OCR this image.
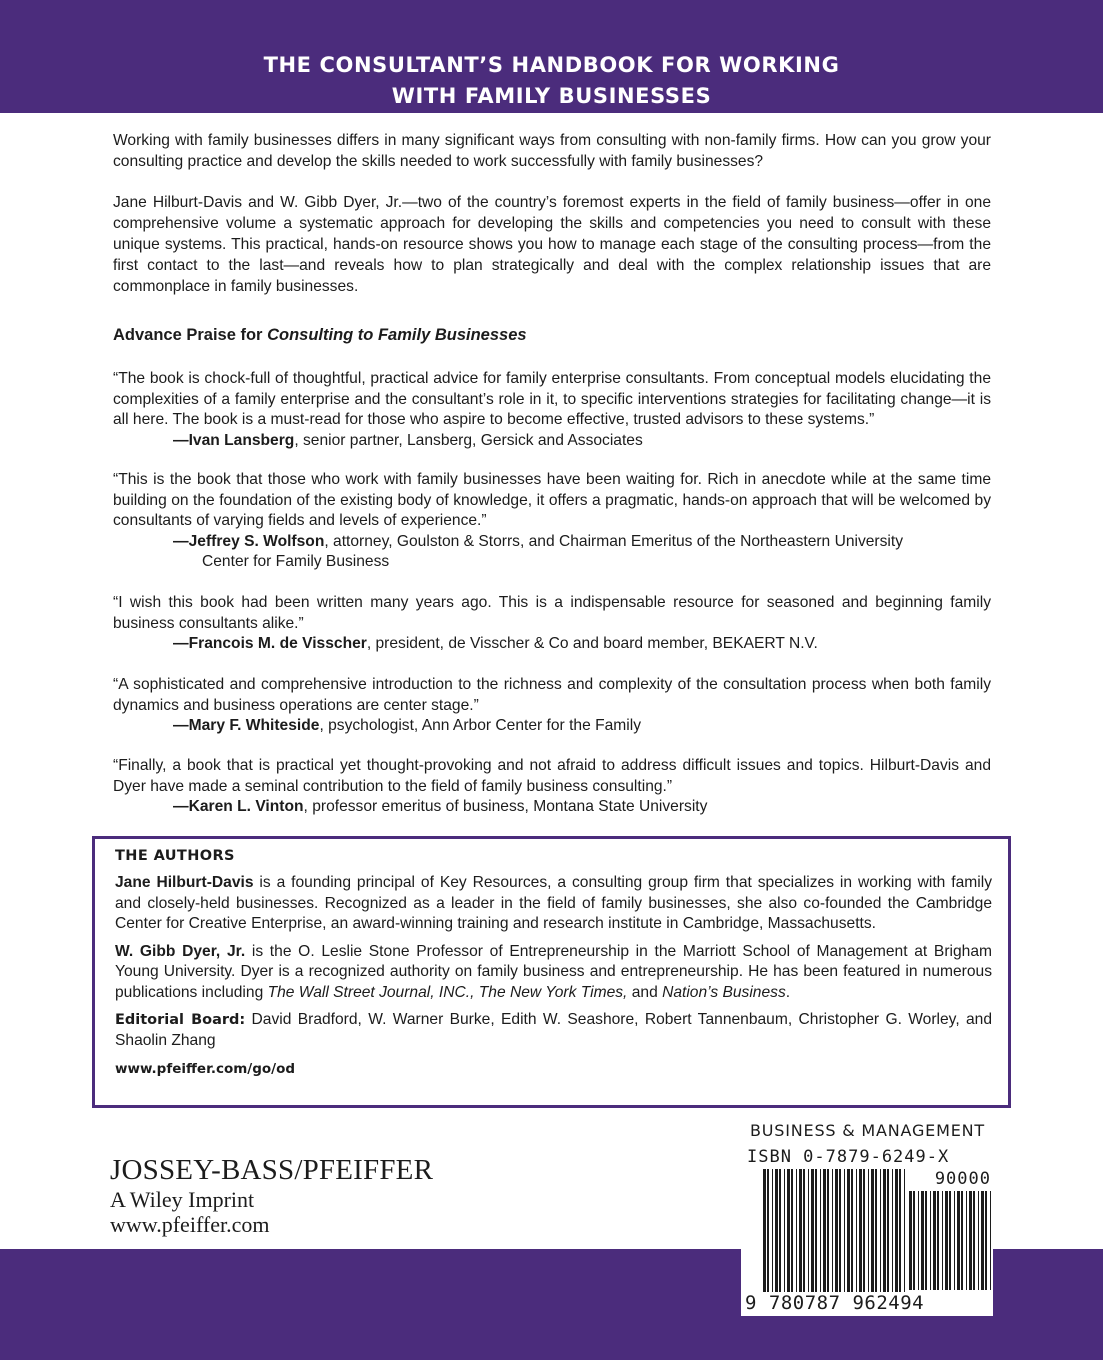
THE CONSULTANT’S HANDBOOK FOR WORKING
WITH FAMILY BUSINESSES

Working with family businesses differs in many significant ways from consulting with non-family firms. How can you grow your consulting practice and develop the skills needed to work successfully with family businesses?

Jane Hilburt-Davis and W. Gibb Dyer, Jr.—two of the country’s foremost experts in the field of family business—offer in one comprehensive volume a systematic approach for developing the skills and competencies you need to consult with these unique systems. This practical, hands-on resource shows you how to manage each stage of the consulting process—from the first contact to the last—and reveals how to plan strategically and deal with the complex relationship issues that are commonplace in family businesses.

Advance Praise for Consulting to Family Businesses
“The book is chock-full of thoughtful, practical advice for family enterprise consultants. From conceptual models elucidating the complexities of a family enterprise and the consultant’s role in it, to specific interventions strategies for facilitating change—it is all here. The book is a must-read for those who aspire to become effective, trusted advisors to these systems.”
—Ivan Lansberg, senior partner, Lansberg, Gersick and Associates
“This is the book that those who work with family businesses have been waiting for. Rich in anecdote while at the same time building on the foundation of the existing body of knowledge, it offers a pragmatic, hands-on approach that will be welcomed by consultants of varying fields and levels of experience.”
—Jeffrey S. Wolfson, attorney, Goulston & Storrs, and Chairman Emeritus of the Northeastern University
Center for Family Business
“I wish this book had been written many years ago. This is a indispensable resource for seasoned and beginning family business consultants alike.”
—Francois M. de Visscher, president, de Visscher & Co and board member, BEKAERT N.V.
“A sophisticated and comprehensive introduction to the richness and complexity of the consultation process when both family dynamics and business operations are center stage.”
—Mary F. Whiteside, psychologist, Ann Arbor Center for the Family
“Finally, a book that is practical yet thought-provoking and not afraid to address difficult issues and topics. Hilburt-Davis and Dyer have made a seminal contribution to the field of family business consulting.”
—Karen L. Vinton, professor emeritus of business, Montana State University
THE AUTHORS

Jane Hilburt-Davis is a founding principal of Key Resources, a consulting group firm that specializes in working with family and closely-held businesses. Recognized as a leader in the field of family businesses, she also co-founded the Cambridge Center for Creative Enterprise, an award-winning training and research institute in Cambridge, Massachusetts.

W. Gibb Dyer, Jr. is the O. Leslie Stone Professor of Entrepreneurship in the Marriott School of Management at Brigham Young University. Dyer is a recognized authority on family business and entrepreneurship. He has been featured in numerous publications including The Wall Street Journal, INC., The New York Times, and Nation’s Business.

Editorial Board: David Bradford, W. Warner Burke, Edith W. Seashore, Robert Tannenbaum, Christopher G. Worley, and Shaolin Zhang

www.pfeiffer.com/go/od
BUSINESS & MANAGEMENT
JOSSEY-BASS/PFEIFFER
A Wiley Imprint
www.pfeiffer.com
ISBN 0-7879-6249-X
90000
9 780787 962494
